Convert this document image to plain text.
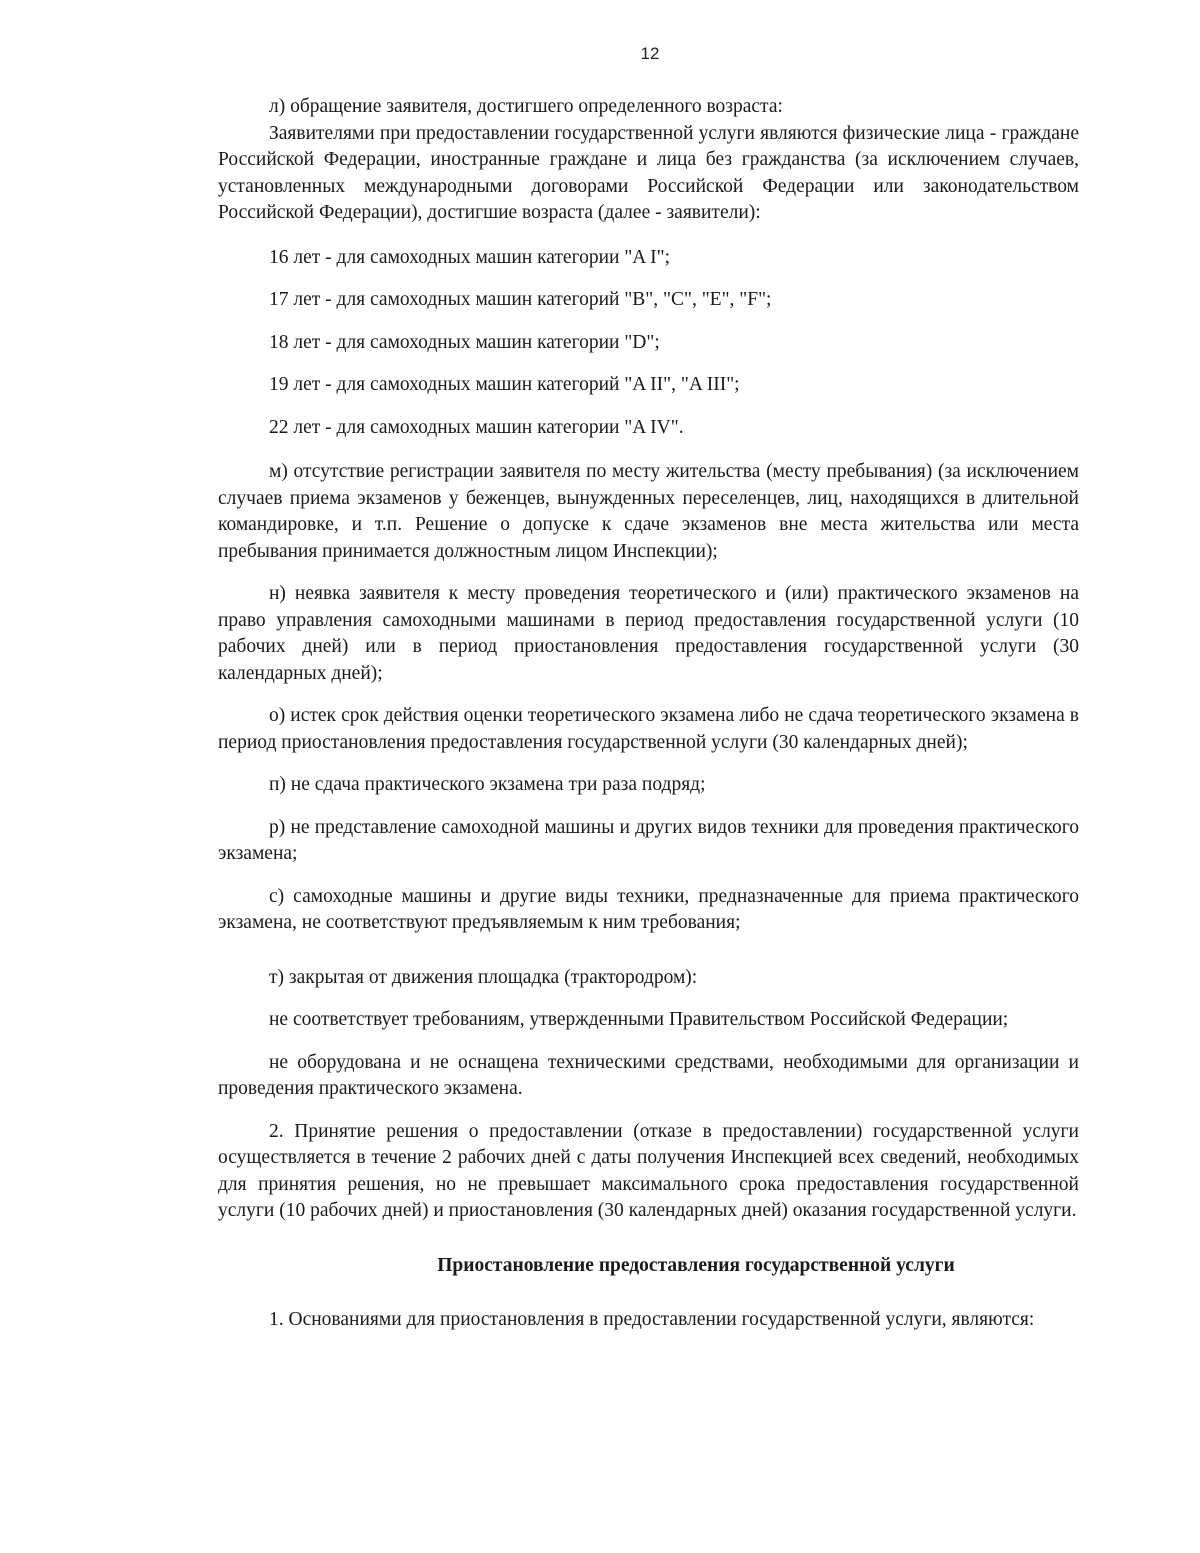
12

л) обращение заявителя, достигшего определенного возраста:

Заявителями при предоставлении государственной услуги являются физические лица - граждане Российской Федерации, иностранные граждане и лица без гражданства (за исключением случаев, установленных международными договорами Российской Федерации или законодательством Российской Федерации), достигшие возраста (далее - заявители):

16 лет - для самоходных машин категории "A I";

17 лет - для самоходных машин категорий "B", "C", "E", "F";

18 лет - для самоходных машин категории "D";

19 лет - для самоходных машин категорий "A II", "A III";

22 лет - для самоходных машин категории "A IV".

м) отсутствие регистрации заявителя по месту жительства (месту пребывания) (за исключением случаев приема экзаменов у беженцев, вынужденных переселенцев, лиц, находящихся в длительной командировке, и т.п. Решение о допуске к сдаче экзаменов вне места жительства или места пребывания принимается должностным лицом Инспекции);

н) неявка заявителя к месту проведения теоретического и (или) практического экзаменов на право управления самоходными машинами в период предоставления государственной услуги (10 рабочих дней) или в период приостановления предоставления государственной услуги (30 календарных дней);

о) истек срок действия оценки теоретического экзамена либо не сдача теоретического экзамена в период приостановления предоставления государственной услуги (30 календарных дней);

п) не сдача практического экзамена три раза подряд;

р) не представление самоходной машины и других видов техники для проведения практического экзамена;

с) самоходные машины и другие виды техники, предназначенные для приема практического экзамена, не соответствуют предъявляемым к ним требования;

т) закрытая от движения площадка (трактородром):

не соответствует требованиям, утвержденными Правительством Российской Федерации;

не оборудована и не оснащена техническими средствами, необходимыми для организации и проведения практического экзамена.

2. Принятие решения о предоставлении (отказе в предоставлении) государственной услуги осуществляется в течение 2 рабочих дней с даты получения Инспекцией всех сведений, необходимых для принятия решения, но не превышает максимального срока предоставления государственной услуги (10 рабочих дней) и приостановления (30 календарных дней) оказания государственной услуги.

Приостановление предоставления государственной услуги

1. Основаниями для приостановления в предоставлении государственной услуги, являются:
